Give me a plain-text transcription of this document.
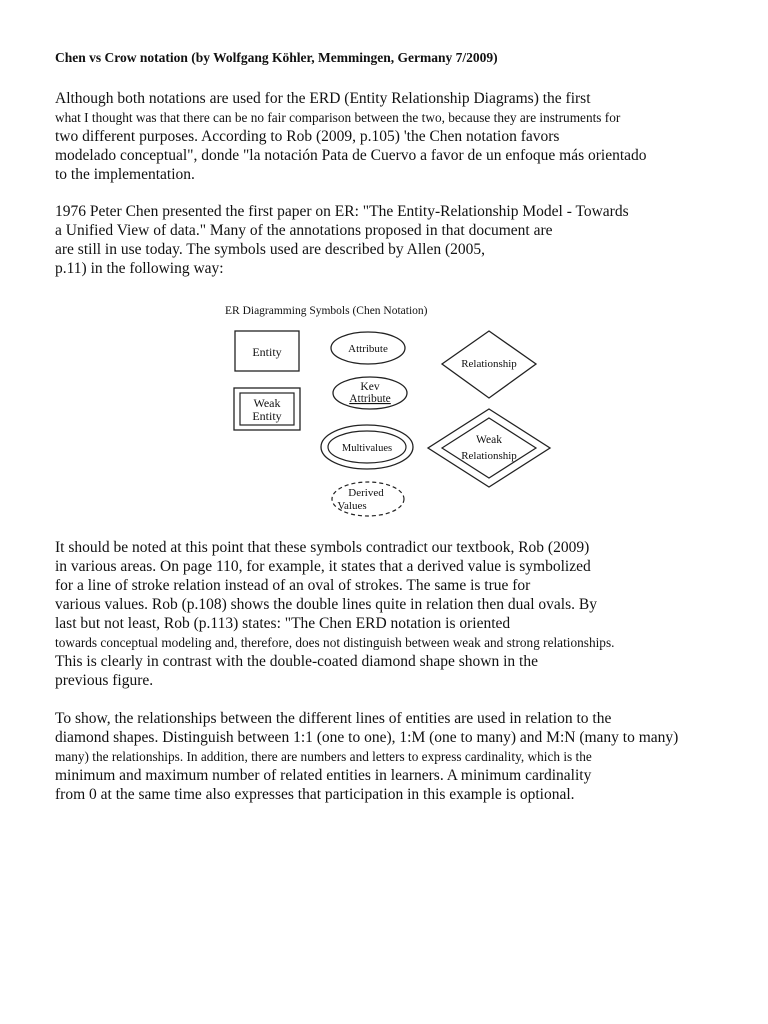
Chen vs Crow notation (by Wolfgang Köhler, Memmingen, Germany 7/2009)

Although both notations are used for the ERD (Entity Relationship Diagrams) the first
what I thought was that there can be no fair comparison between the two, because they are instruments for
two different purposes. According to Rob (2009, p.105) 'the Chen notation favors
modelado conceptual", donde "la notación Pata de Cuervo a favor de un enfoque más orientado
to the implementation.

1976 Peter Chen presented the first paper on ER: "The Entity-Relationship Model - Towards
a Unified View of data." Many of the annotations proposed in that document are
are still in use today. The symbols used are described by Allen (2005,
p.11) in the following way:

ER Diagramming Symbols (Chen Notation)
Entity
Weak
Entity
Attribute
Kev
Attribute
Multivalues
Derived
Values
Relationship
Weak
Relationship

It should be noted at this point that these symbols contradict our textbook, Rob (2009)
in various areas. On page 110, for example, it states that a derived value is symbolized
for a line of stroke relation instead of an oval of strokes. The same is true for
various values. Rob (p.108) shows the double lines quite in relation then dual ovals. By
last but not least, Rob (p.113) states: "The Chen ERD notation is oriented
towards conceptual modeling and, therefore, does not distinguish between weak and strong relationships.
This is clearly in contrast with the double-coated diamond shape shown in the
previous figure.

To show, the relationships between the different lines of entities are used in relation to the
diamond shapes. Distinguish between 1:1 (one to one), 1:M (one to many) and M:N (many to many)
many) the relationships. In addition, there are numbers and letters to express cardinality, which is the
minimum and maximum number of related entities in learners. A minimum cardinality
from 0 at the same time also expresses that participation in this example is optional.
